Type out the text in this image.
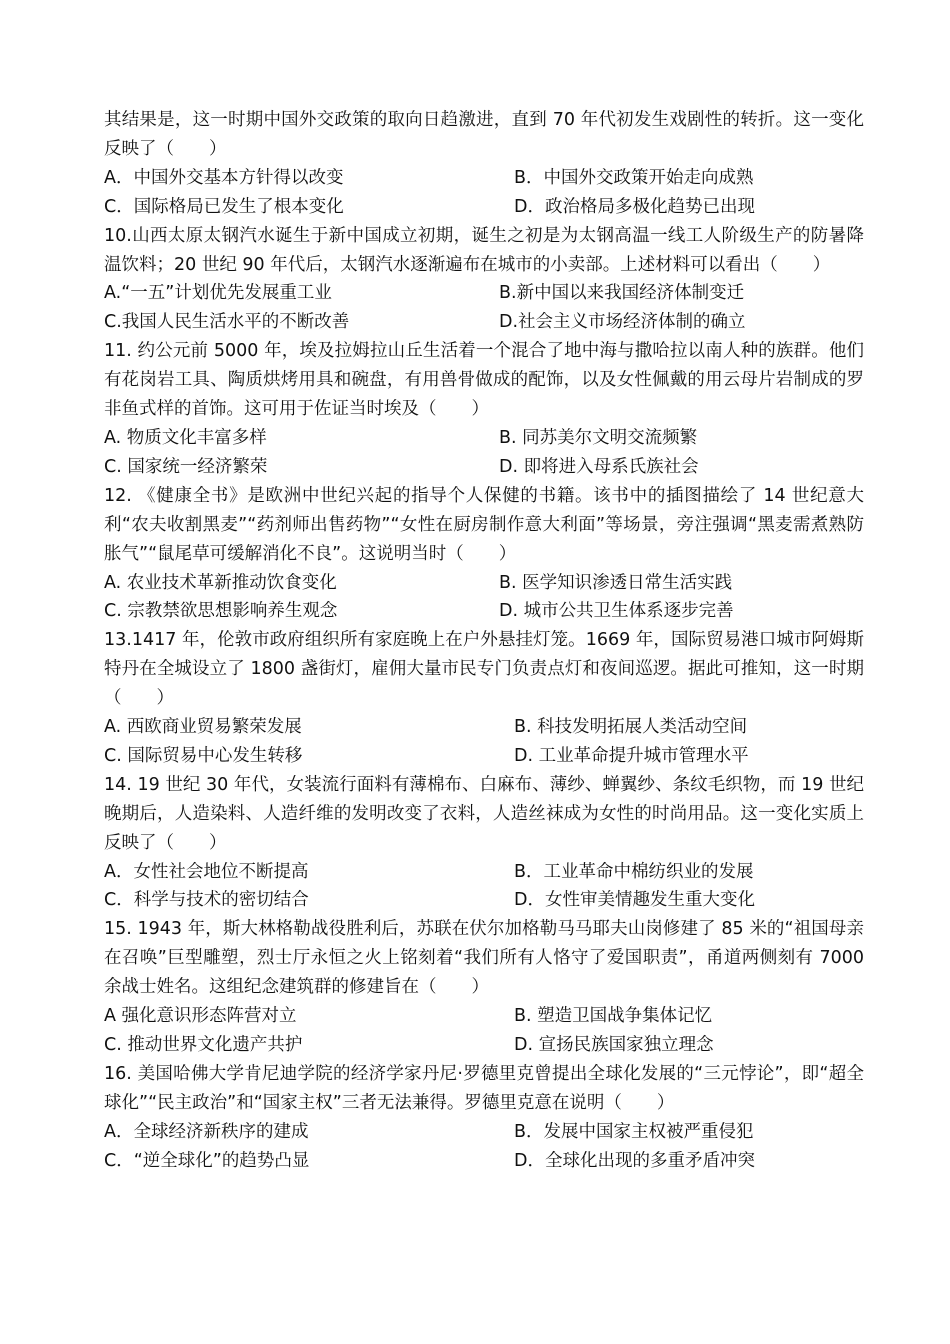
其结果是，这一时期中国外交政策的取向日趋激进，直到 70 年代初发生戏剧性的转折。这一变化反映了（　　）

A．中国外交基本方针得以改变	B．中国外交政策开始走向成熟
C．国际格局已发生了根本变化	D．政治格局多极化趋势已出现

10.山西太原太钢汽水诞生于新中国成立初期，诞生之初是为太钢高温一线工人阶级生产的防暑降温饮料；20 世纪 90 年代后，太钢汽水逐渐遍布在城市的小卖部。上述材料可以看出（　　）

A.“一五”计划优先发展重工业	B.新中国以来我国经济体制变迁
C.我国人民生活水平的不断改善	D.社会主义市场经济体制的确立

11. 约公元前 5000 年，埃及拉姆拉山丘生活着一个混合了地中海与撒哈拉以南人种的族群。他们有花岗岩工具、陶质烘烤用具和碗盘，有用兽骨做成的配饰，以及女性佩戴的用云母片岩制成的罗非鱼式样的首饰。这可用于佐证当时埃及（　　）

A. 物质文化丰富多样	B. 同苏美尔文明交流频繁
C. 国家统一经济繁荣	D. 即将进入母系氏族社会

12. 《健康全书》是欧洲中世纪兴起的指导个人保健的书籍。该书中的插图描绘了 14 世纪意大利“农夫收割黑麦”“药剂师出售药物”“女性在厨房制作意大利面”等场景，旁注强调“黑麦需煮熟防胀气”“鼠尾草可缓解消化不良”。这说明当时（　　）

A. 农业技术革新推动饮食变化	B. 医学知识渗透日常生活实践
C. 宗教禁欲思想影响养生观念	D. 城市公共卫生体系逐步完善

13.1417 年，伦敦市政府组织所有家庭晚上在户外悬挂灯笼。1669 年，国际贸易港口城市阿姆斯特丹在全城设立了 1800 盏街灯，雇佣大量市民专门负责点灯和夜间巡逻。据此可推知，这一时期（　　）

A. 西欧商业贸易繁荣发展	B. 科技发明拓展人类活动空间
C. 国际贸易中心发生转移	D. 工业革命提升城市管理水平

14. 19 世纪 30 年代，女装流行面料有薄棉布、白麻布、薄纱、蝉翼纱、条纹毛织物，而 19 世纪晚期后，人造染料、人造纤维的发明改变了衣料，人造丝袜成为女性的时尚用品。这一变化实质上反映了（　　）

A．女性社会地位不断提高	B．工业革命中棉纺织业的发展
C．科学与技术的密切结合	D．女性审美情趣发生重大变化

15. 1943 年，斯大林格勒战役胜利后，苏联在伏尔加格勒马马耶夫山岗修建了 85 米的“祖国母亲在召唤”巨型雕塑，烈士厅永恒之火上铭刻着“我们所有人恪守了爱国职责”，甬道两侧刻有 7000 余战士姓名。这组纪念建筑群的修建旨在（　　）

A 强化意识形态阵营对立	B. 塑造卫国战争集体记忆
C. 推动世界文化遗产共护	D. 宣扬民族国家独立理念

16. 美国哈佛大学肯尼迪学院的经济学家丹尼·罗德里克曾提出全球化发展的“三元悖论”，即“超全球化”“民主政治”和“国家主权”三者无法兼得。罗德里克意在说明（　　）

A．全球经济新秩序的建成	B．发展中国家主权被严重侵犯
C．“逆全球化”的趋势凸显	D．全球化出现的多重矛盾冲突
